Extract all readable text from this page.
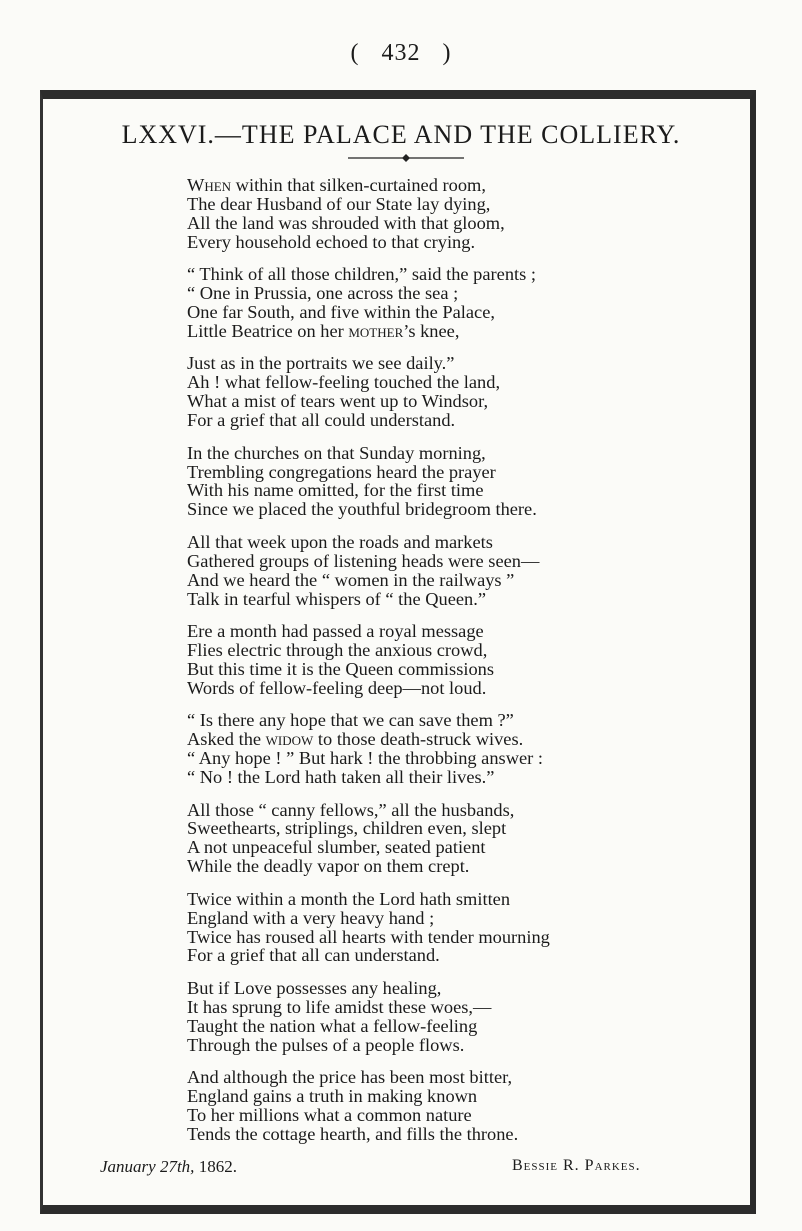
( 432 )
LXXVI.—THE PALACE AND THE COLLIERY.
When within that silken-curtained room,
The dear Husband of our State lay dying,
All the land was shrouded with that gloom,
Every household echoed to that crying.
“ Think of all those children,” said the parents ;
“ One in Prussia, one across the sea ;
One far South, and five within the Palace,
Little Beatrice on her mother’s knee,
Just as in the portraits we see daily.”
Ah ! what fellow-feeling touched the land,
What a mist of tears went up to Windsor,
For a grief that all could understand.
In the churches on that Sunday morning,
Trembling congregations heard the prayer
With his name omitted, for the first time
Since we placed the youthful bridegroom there.
All that week upon the roads and markets
Gathered groups of listening heads were seen—
And we heard the “ women in the railways ”
Talk in tearful whispers of “ the Queen.”
Ere a month had passed a royal message
Flies electric through the anxious crowd,
But this time it is the Queen commissions
Words of fellow-feeling deep—not loud.
“ Is there any hope that we can save them ?”
Asked the widow to those death-struck wives.
“ Any hope ! ” But hark ! the throbbing answer :
“ No ! the Lord hath taken all their lives.”
All those “ canny fellows,” all the husbands,
Sweethearts, striplings, children even, slept
A not unpeaceful slumber, seated patient
While the deadly vapor on them crept.
Twice within a month the Lord hath smitten
England with a very heavy hand ;
Twice has roused all hearts with tender mourning
For a grief that all can understand.
But if Love possesses any healing,
It has sprung to life amidst these woes,—
Taught the nation what a fellow-feeling
Through the pulses of a people flows.
And although the price has been most bitter,
England gains a truth in making known
To her millions what a common nature
Tends the cottage hearth, and fills the throne.
January 27th, 1862.	Bessie R. Parkes.
